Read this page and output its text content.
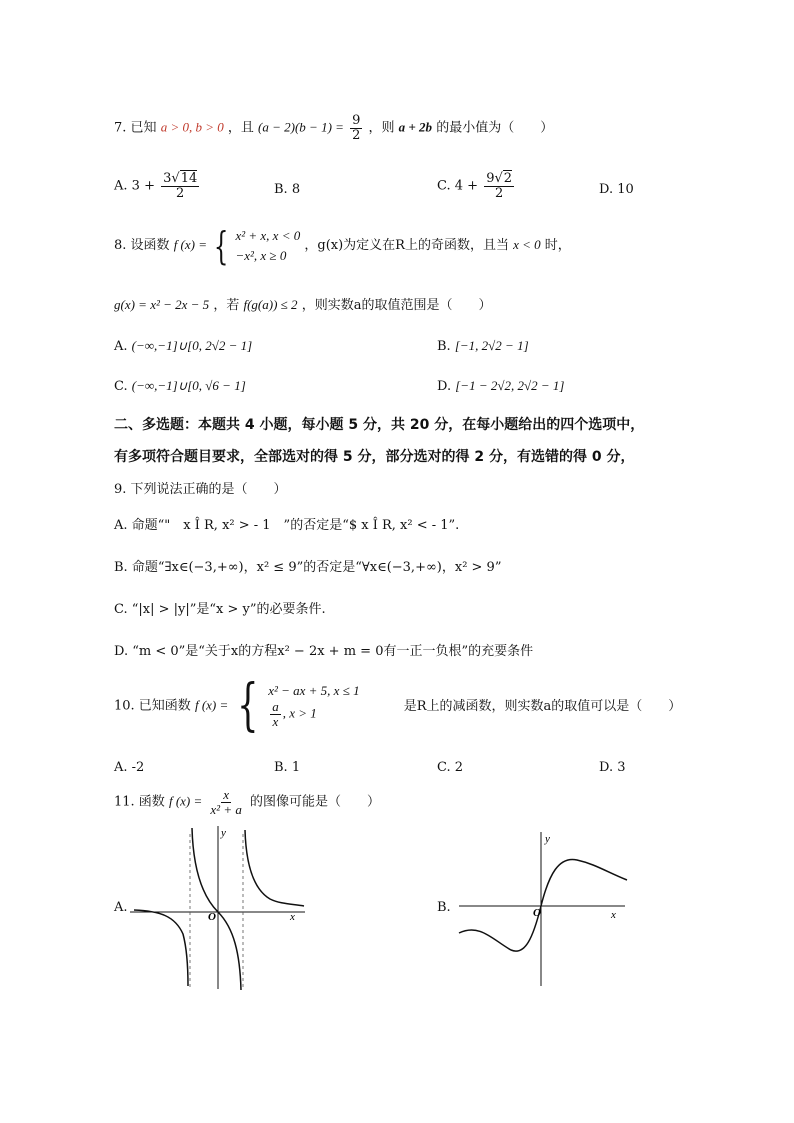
7. 已知 a > 0, b > 0 ，且 $(a - 2)(b - 1) = \frac{9}{2}$ ，则 a + 2b 的最小值为（　　）
A. $3 + \frac{3√14}{2}$	B. 8	C. $4 + \frac{9√2}{2}$	D. 10
8. 设函数 f (x) = { x² + x, x < 0
−x², x ≥ 0
，g(x)为定义在R上的奇函数，且当 x < 0 时，
g(x) = x² − 2x − 5 ，若 f(g(a)) ≤ 2 ，则实数a的取值范围是（　　）
A. (−∞,−1]∪[0, 2√2 − 1]	B. [−1, 2√2 − 1]
C. (−∞,−1]∪[0, √6 − 1]	D. [−1 − 2√2, 2√2 − 1]
二、多选题：本题共 4 小题，每小题 5 分，共 20 分，在每小题给出的四个选项中，
有多项符合题目要求，全部选对的得 5 分，部分选对的得 2 分，有选错的得 0 分，
9. 下列说法正确的是（　　）
A. 命题“"　x Î R, x² > - 1　”的否定是“$ x Î R, x² < - 1”.
B. 命题“∃x∈(−3,+∞)，x² ≤ 9”的否定是“∀x∈(−3,+∞)，x² > 9”
C. “|x| > |y|”是“x > y”的必要条件.
D. “m < 0”是“关于x的方程x² − 2x + m = 0有一正一负根”的充要条件
10. 已知函数 f (x) = { x² − ax + 5, x ≤ 1
$\frac{a}{x}$ , x > 1	是R上的减函数，则实数a的取值可以是（　　）
A. -2	B. 1	C. 2	D. 3
11. 函数 f $(x) = \frac{x}{\text{x² + a}}$ 的图像可能是（　　）
A.	B.
x
y
O	x
y
O
